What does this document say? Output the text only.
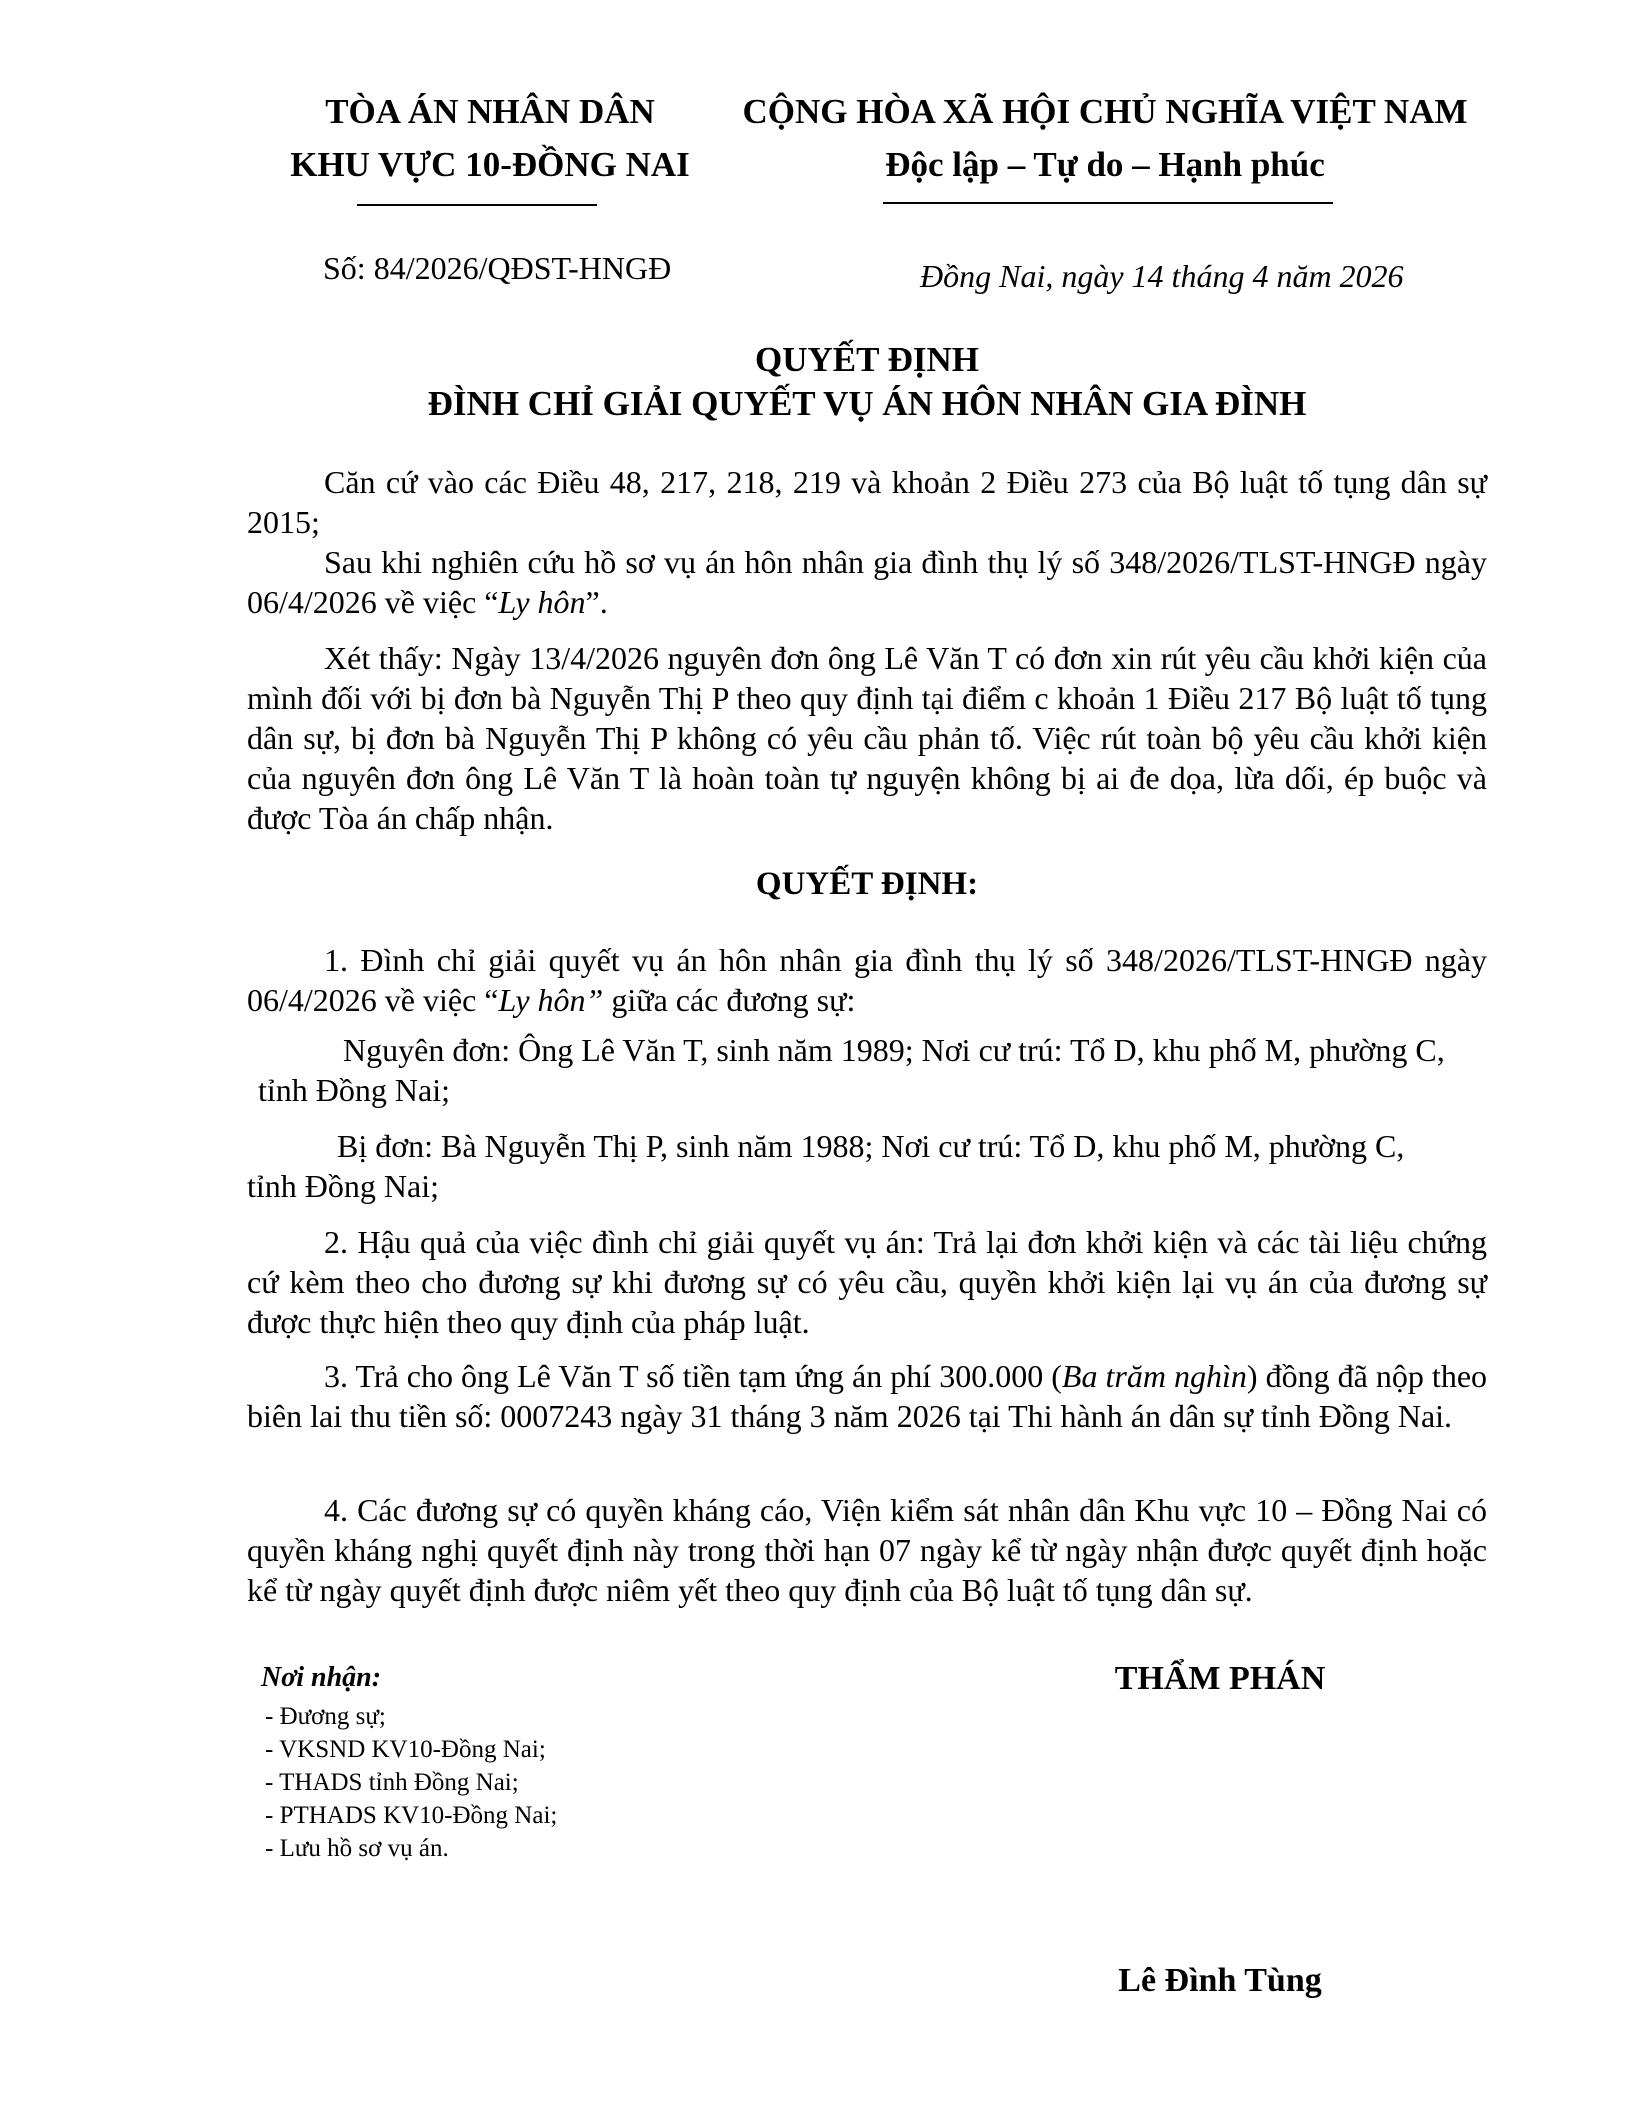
TÒA ÁN NHÂN DÂN
KHU VỰC 10-ĐỒNG NAI
CỘNG HÒA XÃ HỘI CHỦ NGHĨA VIỆT NAM
Độc lập – Tự do – Hạnh phúc
Số: 84/2026/QĐST-HNGĐ	Đồng Nai, ngày 14 tháng 4 năm 2026
QUYẾT ĐỊNH
ĐÌNH CHỈ GIẢI QUYẾT VỤ ÁN HÔN NHÂN GIA ĐÌNH
Căn cứ vào các Điều 48, 217, 218, 219 và khoản 2 Điều 273 của Bộ luật tố tụng dân sự 2015;
Sau khi nghiên cứu hồ sơ vụ án hôn nhân gia đình thụ lý số 348/2026/TLST-HNGĐ ngày 06/4/2026 về việc “Ly hôn”.
Xét thấy: Ngày 13/4/2026 nguyên đơn ông Lê Văn T có đơn xin rút yêu cầu khởi kiện của mình đối với bị đơn bà Nguyễn Thị P theo quy định tại điểm c khoản 1 Điều 217 Bộ luật tố tụng dân sự, bị đơn bà Nguyễn Thị P không có yêu cầu phản tố. Việc rút toàn bộ yêu cầu khởi kiện của nguyên đơn ông Lê Văn T là hoàn toàn tự nguyện không bị ai đe dọa, lừa dối, ép buộc và được Tòa án chấp nhận.
QUYẾT ĐỊNH:
1. Đình chỉ giải quyết vụ án hôn nhân gia đình thụ lý số 348/2026/TLST-HNGĐ ngày 06/4/2026 về việc “Ly hôn” giữa các đương sự:
Nguyên đơn: Ông Lê Văn T, sinh năm 1989; Nơi cư trú: Tổ D, khu phố M, phường C,
tỉnh Đồng Nai;
Bị đơn: Bà Nguyễn Thị P, sinh năm 1988; Nơi cư trú: Tổ D, khu phố M, phường C,
tỉnh Đồng Nai;
2. Hậu quả của việc đình chỉ giải quyết vụ án: Trả lại đơn khởi kiện và các tài liệu chứng cứ kèm theo cho đương sự khi đương sự có yêu cầu, quyền khởi kiện lại vụ án của đương sự được thực hiện theo quy định của pháp luật.
3. Trả cho ông Lê Văn T số tiền tạm ứng án phí 300.000 (Ba trăm nghìn) đồng đã nộp theo biên lai thu tiền số: 0007243 ngày 31 tháng 3 năm 2026 tại Thi hành án dân sự tỉnh Đồng Nai.
4. Các đương sự có quyền kháng cáo, Viện kiểm sát nhân dân Khu vực 10 – Đồng Nai có quyền kháng nghị quyết định này trong thời hạn 07 ngày kể từ ngày nhận được quyết định hoặc kể từ ngày quyết định được niêm yết theo quy định của Bộ luật tố tụng dân sự.
Nơi nhận:
- Đương sự;
- VKSND KV10-Đồng Nai;
- THADS tỉnh Đồng Nai;
- PTHADS KV10-Đồng Nai;
- Lưu hồ sơ vụ án.
THẨM PHÁN
Lê Đình Tùng
